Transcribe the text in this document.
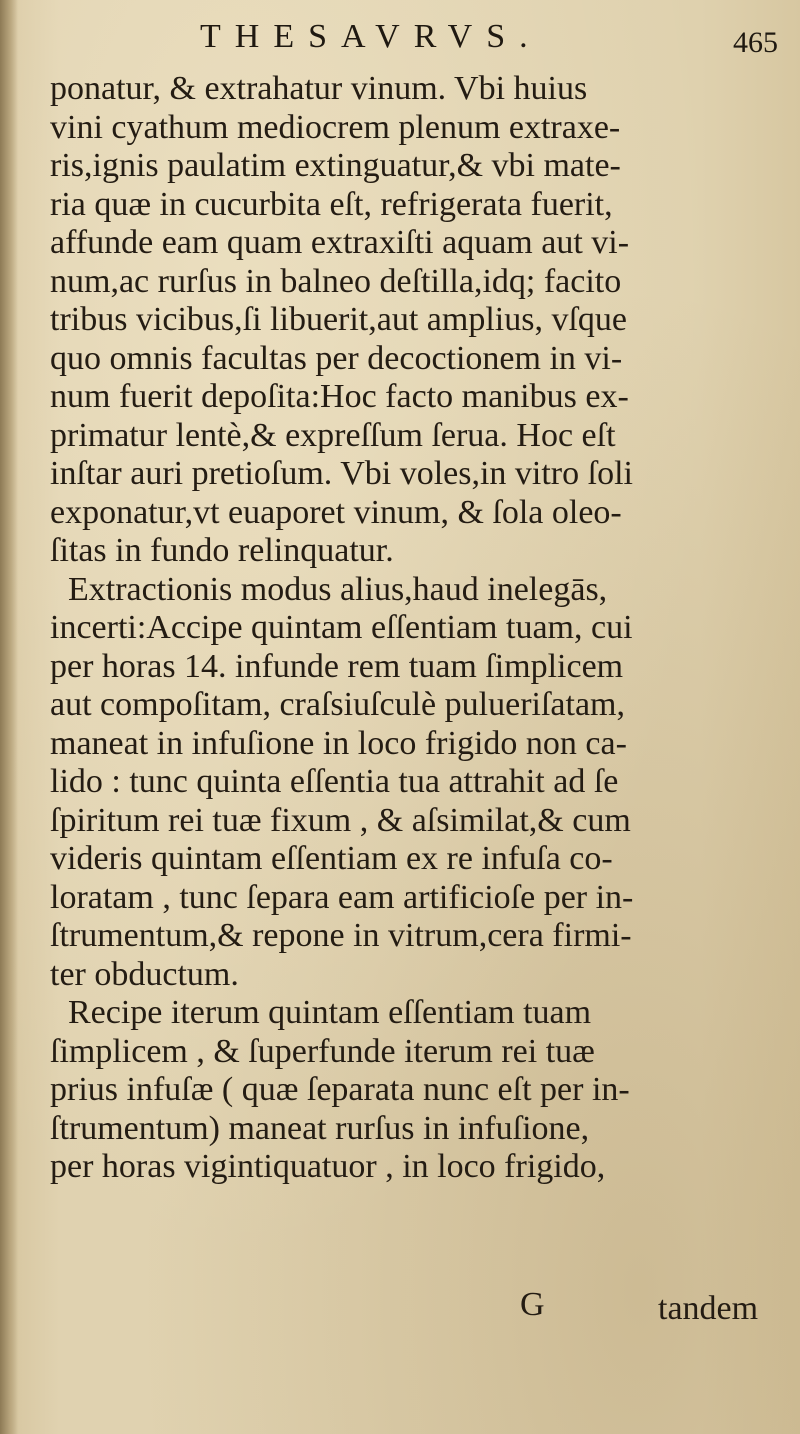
THESAVRVS.	465
ponatur, & extrahatur vinum. Vbi huius
vini cyathum mediocrem plenum extraxe-
ris,ignis paulatim extinguatur,& vbi mate-
ria quæ in cucurbita eſt, refrigerata fuerit,
affunde eam quam extraxiſti aquam aut vi-
num,ac rurſus in balneo deſtilla,idq; facito
tribus vicibus,ſi libuerit,aut amplius, vſque
quo omnis facultas per decoctionem in vi-
num fuerit depoſita:Hoc facto manibus ex-
primatur lentè,& expreſſum ſerua. Hoc eſt
inſtar auri pretioſum. Vbi voles,in vitro ſoli
exponatur,vt euaporet vinum, & ſola oleo-
ſitas in fundo relinquatur.
Extractionis modus alius,haud inelegās,
incerti:Accipe quintam eſſentiam tuam, cui
per horas 14. infunde rem tuam ſimplicem
aut compoſitam, craſsiuſculè pulueriſatam,
maneat in infuſione in loco frigido non ca-
lido : tunc quinta eſſentia tua attrahit ad ſe
ſpiritum rei tuæ fixum , & aſsimilat,& cum
videris quintam eſſentiam ex re infuſa co-
loratam , tunc ſepara eam artificioſe per in-
ſtrumentum,& repone in vitrum,cera firmi-
ter obductum.
Recipe iterum quintam eſſentiam tuam
ſimplicem , & ſuperfunde iterum rei tuæ
prius infuſæ ( quæ ſeparata nunc eſt per in-
ſtrumentum) maneat rurſus in infuſione,
per horas vigintiquatuor , in loco frigido,
G	tandem
